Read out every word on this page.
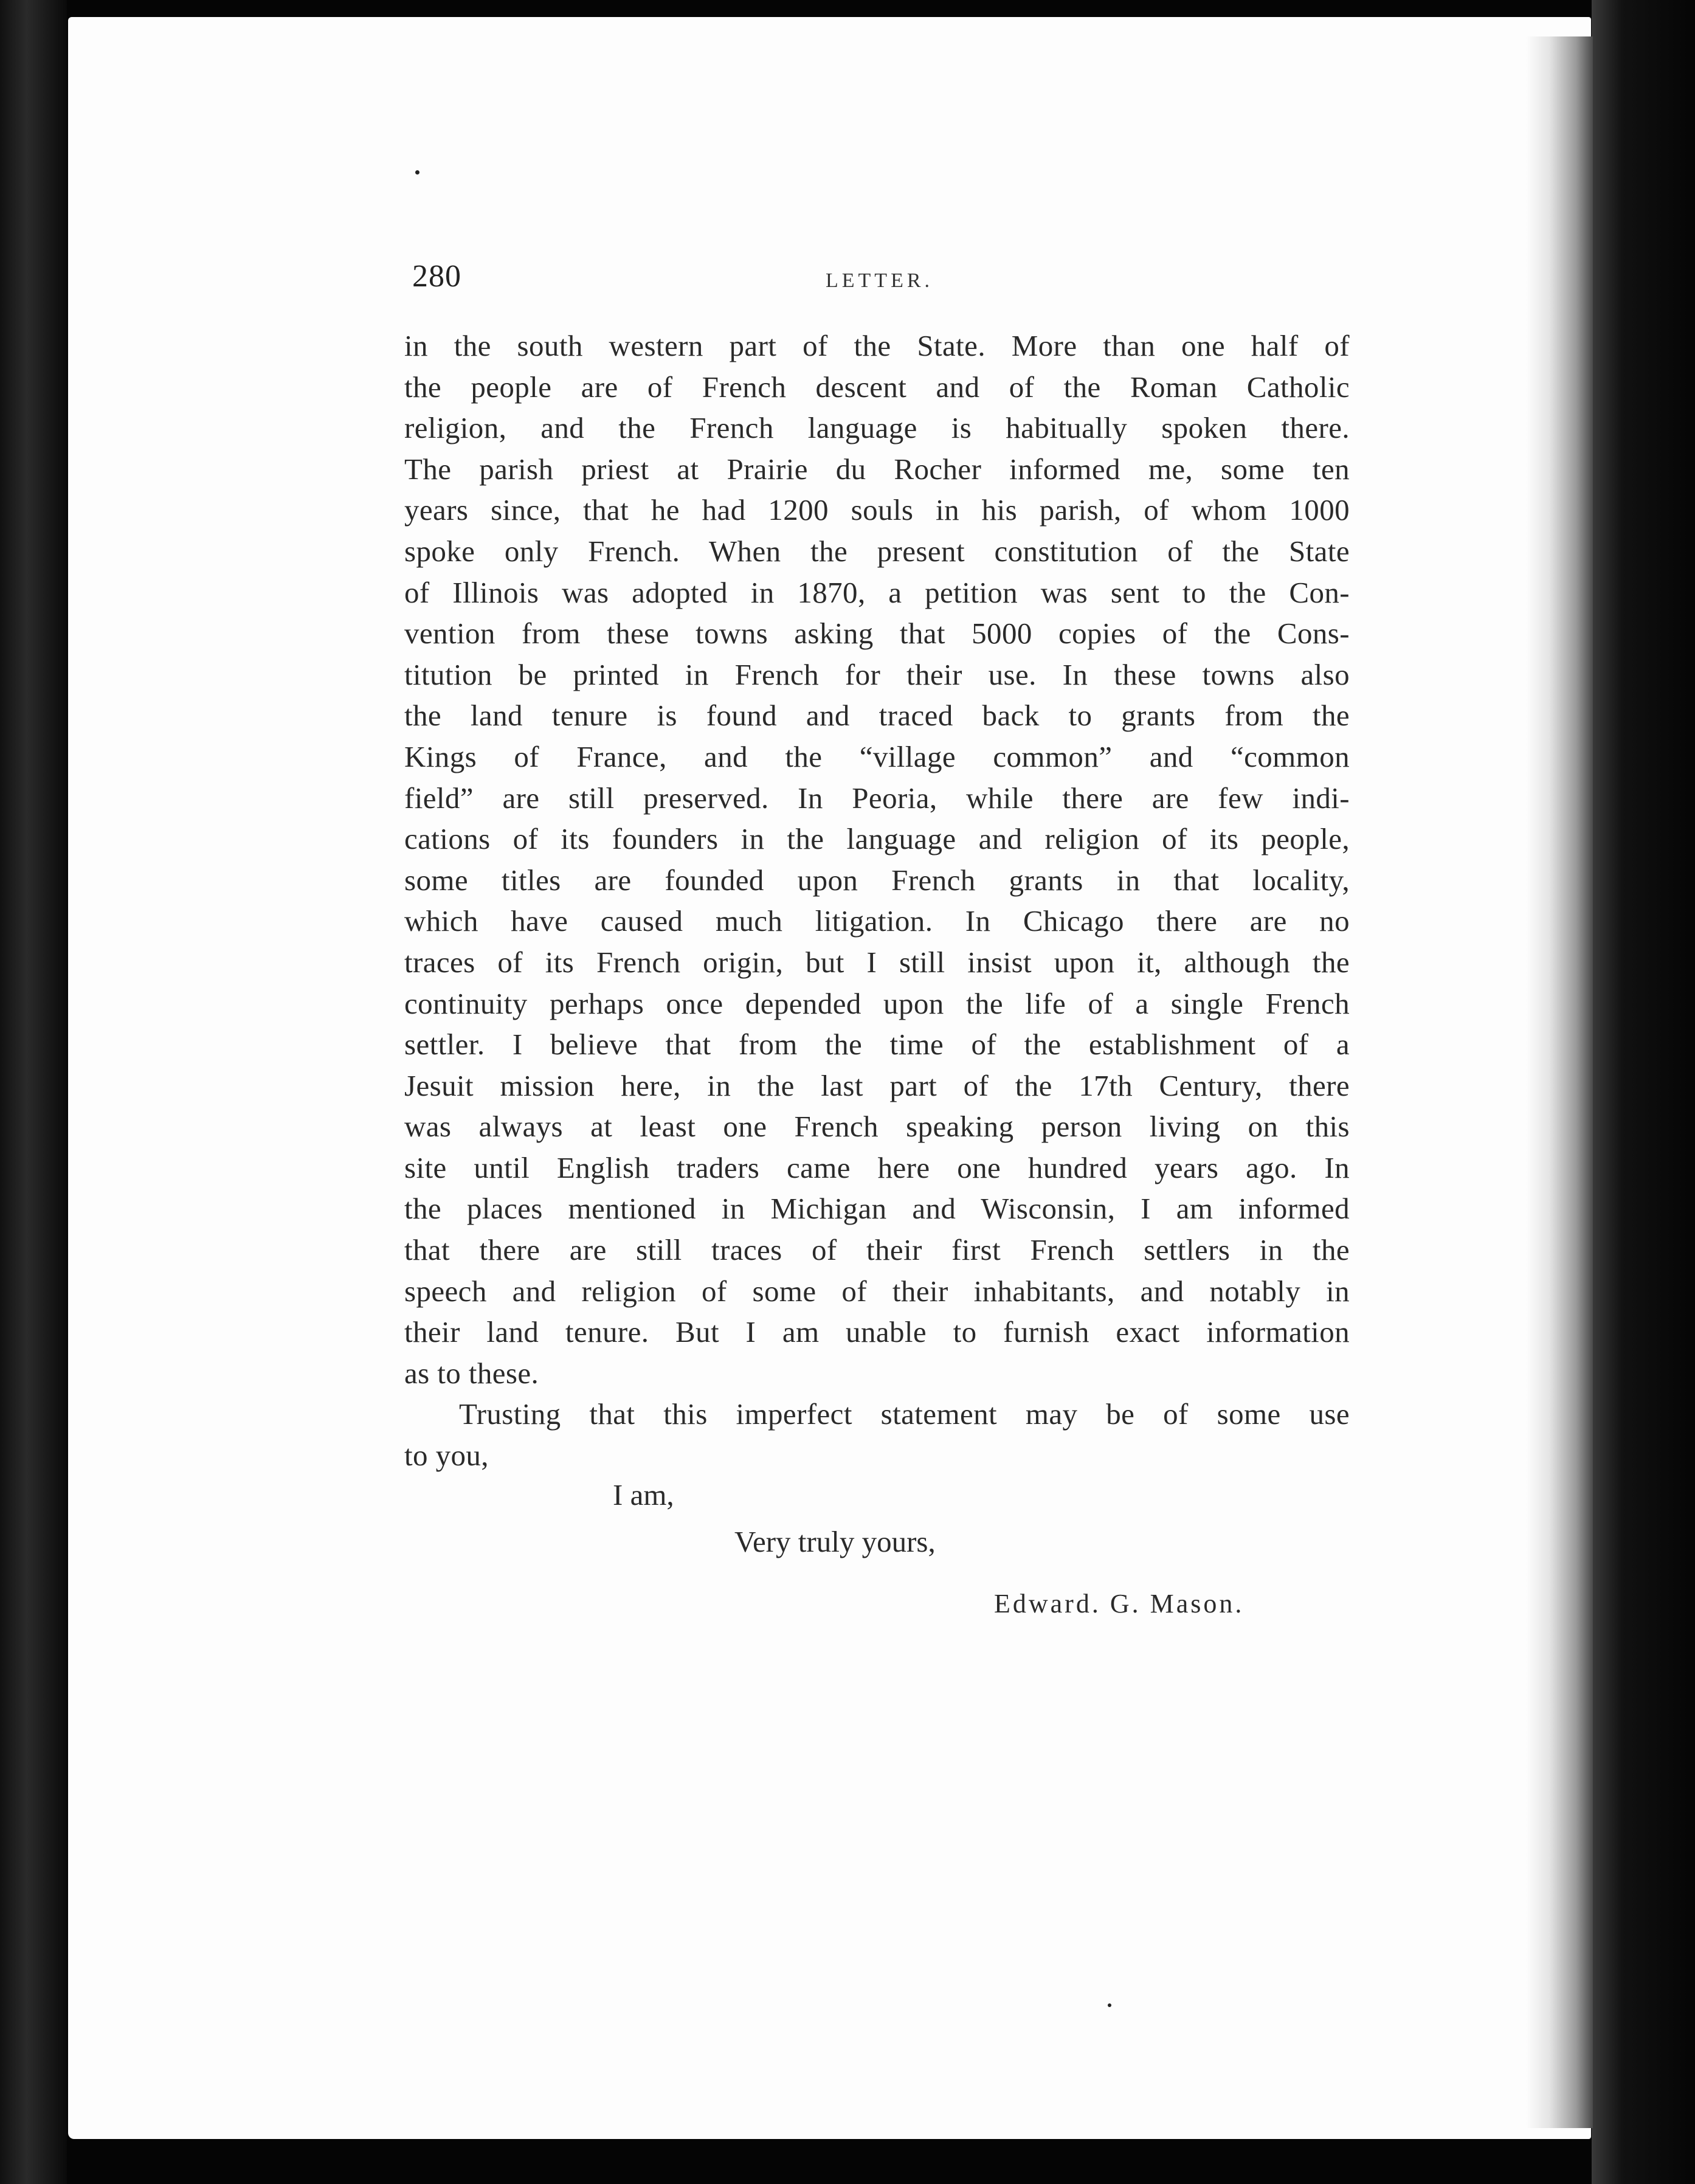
280	LETTER.
in the south western part of the State. More than one half of
the people are of French descent and of the Roman Catholic
religion, and the French language is habitually spoken there.
The parish priest at Prairie du Rocher informed me, some ten
years since, that he had 1200 souls in his parish, of whom 1000
spoke only French. When the present constitution of the State
of Illinois was adopted in 1870, a petition was sent to the Con-
vention from these towns asking that 5000 copies of the Cons-
titution be printed in French for their use. In these towns also
the land tenure is found and traced back to grants from the
Kings of France, and the “village common” and “common
field” are still preserved. In Peoria, while there are few indi-
cations of its founders in the language and religion of its people,
some titles are founded upon French grants in that locality,
which have caused much litigation. In Chicago there are no
traces of its French origin, but I still insist upon it, although the
continuity perhaps once depended upon the life of a single French
settler. I believe that from the time of the establishment of a
Jesuit mission here, in the last part of the 17th Century, there
was always at least one French speaking person living on this
site until English traders came here one hundred years ago. In
the places mentioned in Michigan and Wisconsin, I am informed
that there are still traces of their first French settlers in the
speech and religion of some of their inhabitants, and notably in
their land tenure. But I am unable to furnish exact information
as to these.
Trusting that this imperfect statement may be of some use
to you,
I am,
Very truly yours,
Edward. G. Mason.
